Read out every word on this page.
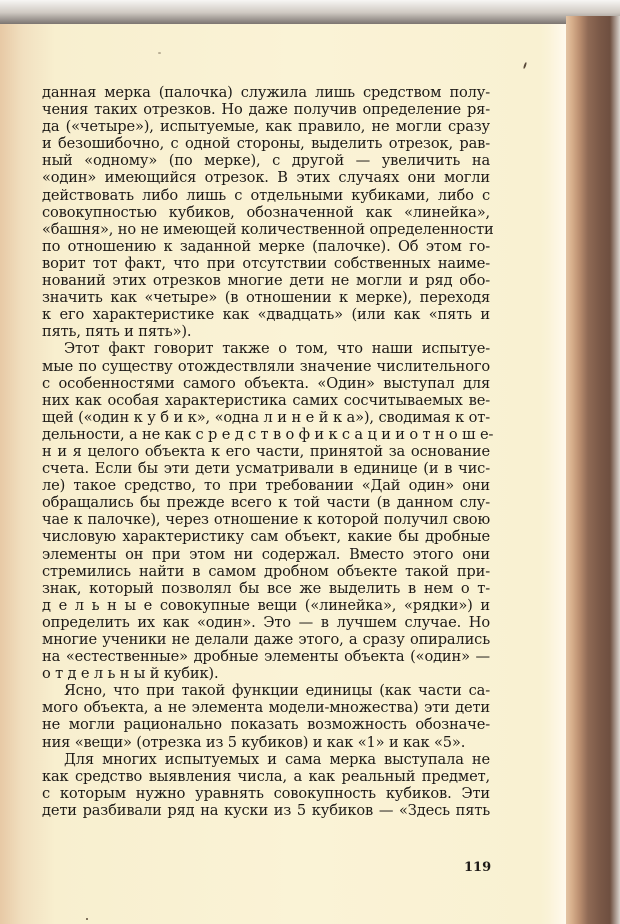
данная мерка (палочка) служила лишь средством полу-
чения таких отрезков. Но даже получив определение ря-
да («четыре»), испытуемые, как правило, не могли сразу
и безошибочно, с одной стороны, выделить отрезок, рав-
ный «одному» (по мерке), с другой — увеличить на
«один» имеющийся отрезок. В этих случаях они могли
действовать либо лишь с отдельными кубиками, либо с
совокупностью кубиков, обозначенной как «линейка»,
«башня», но не имеющей количественной определенности
по отношению к заданной мерке (палочке). Об этом го-
ворит тот факт, что при отсутствии собственных наиме-
нований этих отрезков многие дети не могли и ряд обо-
значить как «четыре» (в отношении к мерке), переходя
к его характеристике как «двадцать» (или как «пять и
пять, пять и пять»).
Этот факт говорит также о том, что наши испытуе-
мые по существу отождествляли значение числительного
с особенностями самого объекта. «Один» выступал для
них как особая характеристика самих сосчитываемых ве-
щей («один к у б и к», «одна л и н е й к а»), сводимая к от-
дельности, а не как с р е д с т в о ф и к с а ц и и о т н о ш е-
н и я целого объекта к его части, принятой за основание
счета. Если бы эти дети усматривали в единице (и в чис-
ле) такое средство, то при требовании «Дай один» они
обращались бы прежде всего к той части (в данном слу-
чае к палочке), через отношение к которой получил свою
числовую характеристику сам объект, какие бы дробные
элементы он при этом ни содержал. Вместо этого они
стремились найти в самом дробном объекте такой при-
знак, который позволял бы все же выделить в нем о т-
д е л ь н ы е совокупные вещи («линейка», «рядки») и
определить их как «один». Это — в лучшем случае. Но
многие ученики не делали даже этого, а сразу опирались
на «естественные» дробные элементы объекта («один» —
о т д е л ь н ы й кубик).
Ясно, что при такой функции единицы (как части са-
мого объекта, а не элемента модели-множества) эти дети
не могли рационально показать возможность обозначе-
ния «вещи» (отрезка из 5 кубиков) и как «1» и как «5».
Для многих испытуемых и сама мерка выступала не
как средство выявления числа, а как реальный предмет,
с которым нужно уравнять совокупность кубиков. Эти
дети разбивали ряд на куски из 5 кубиков — «Здесь пять
119
